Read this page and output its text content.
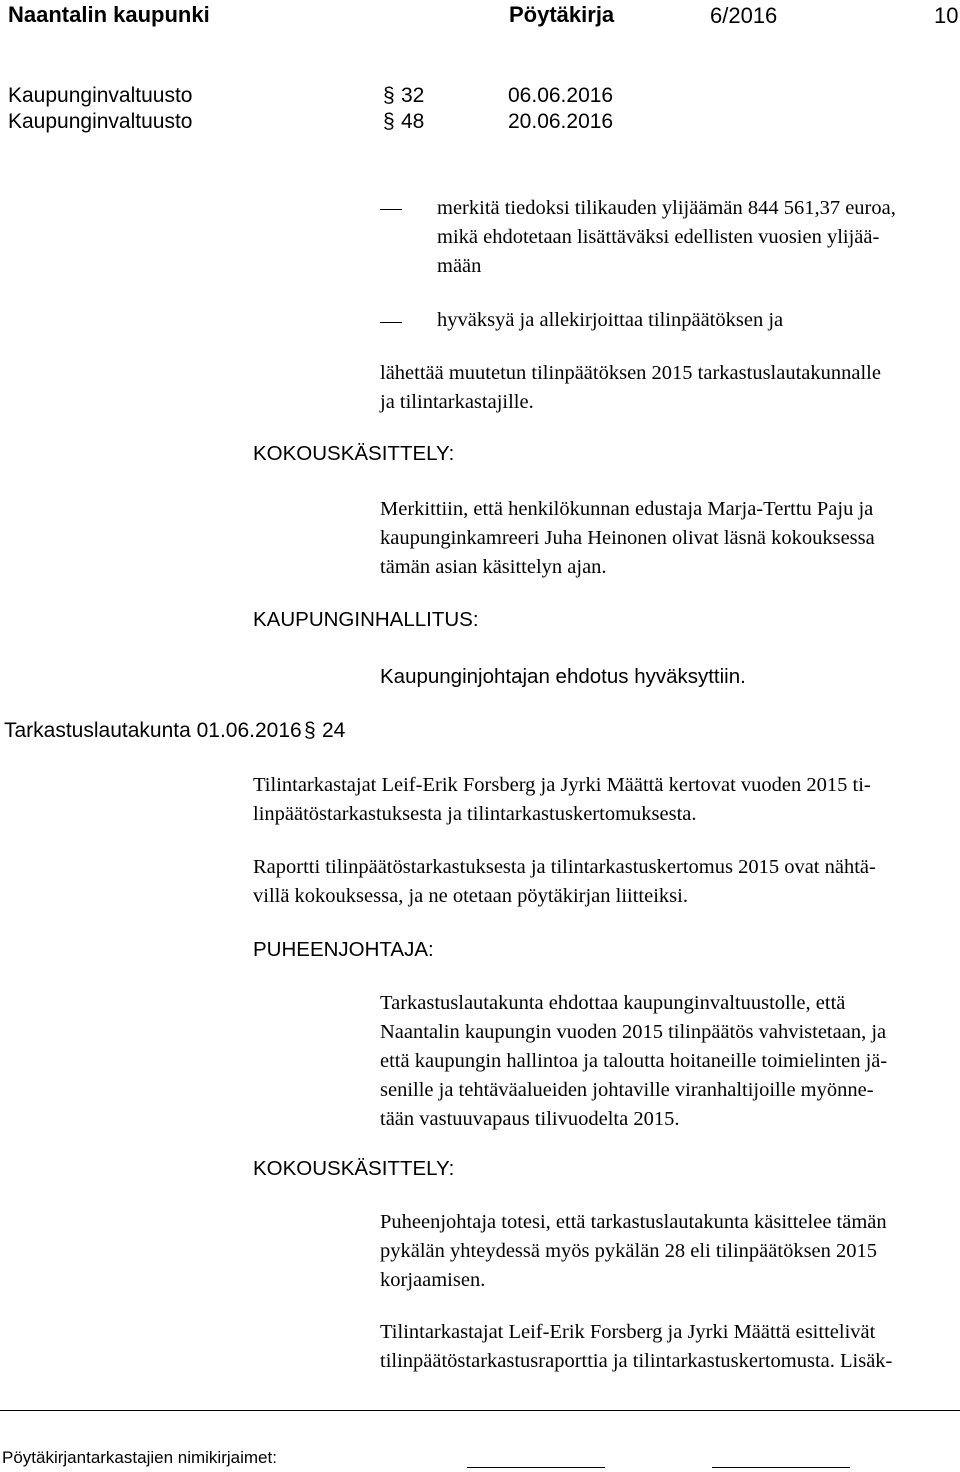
Naantalin kaupunki	Pöytäkirja	6/2016	10
Kaupunginvaltuusto	§ 32	06.06.2016
Kaupunginvaltuusto	§ 48	20.06.2016
merkitä tiedoksi tilikauden ylijäämän 844 561,37 euroa,
mikä ehdotetaan lisättäväksi edellisten vuosien ylijää-
mään
hyväksyä ja allekirjoittaa tilinpäätöksen ja
lähettää muutetun tilinpäätöksen 2015 tarkastuslautakunnalle
ja tilintarkastajille.
KOKOUSKÄSITTELY:
Merkittiin, että henkilökunnan edustaja Marja-Terttu Paju ja
kaupunginkamreeri Juha Heinonen olivat läsnä kokouksessa
tämän asian käsittelyn ajan.
KAUPUNGINHALLITUS:
Kaupunginjohtajan ehdotus hyväksyttiin.
Tarkastuslautakunta 01.06.2016 § 24
Tilintarkastajat Leif-Erik Forsberg ja Jyrki Määttä kertovat vuoden 2015 ti-
linpäätöstarkastuksesta ja tilintarkastuskertomuksesta.
Raportti tilinpäätöstarkastuksesta ja tilintarkastuskertomus 2015 ovat nähtä-
villä kokouksessa, ja ne otetaan pöytäkirjan liitteiksi.
PUHEENJOHTAJA:
Tarkastuslautakunta ehdottaa kaupunginvaltuustolle, että
Naantalin kaupungin vuoden 2015 tilinpäätös vahvistetaan, ja
että kaupungin hallintoa ja taloutta hoitaneille toimielinten jä-
senille ja tehtäväalueiden johtaville viranhaltijoille myönne-
tään vastuuvapaus tilivuodelta 2015.
KOKOUSKÄSITTELY:
Puheenjohtaja totesi, että tarkastuslautakunta käsittelee tämän
pykälän yhteydessä myös pykälän 28 eli tilinpäätöksen 2015
korjaamisen.
Tilintarkastajat Leif-Erik Forsberg ja Jyrki Määttä esittelivät
tilinpäätöstarkastusraporttia ja tilintarkastuskertomusta. Lisäk-
Pöytäkirjantarkastajien nimikirjaimet:
